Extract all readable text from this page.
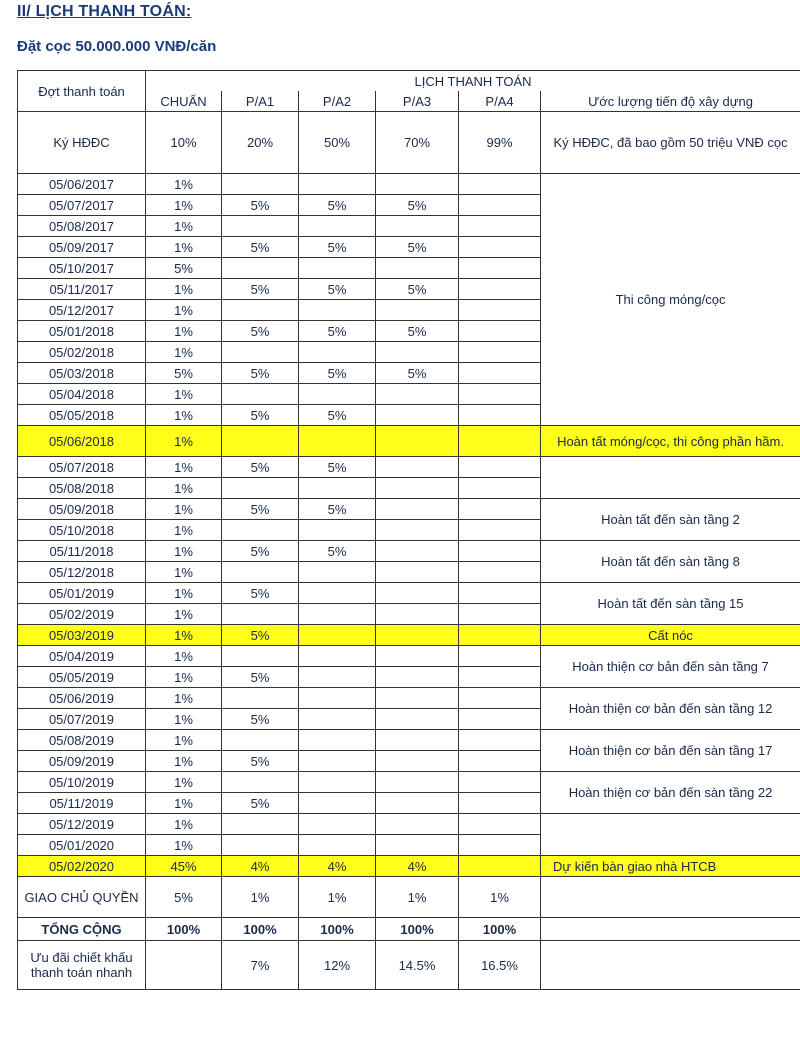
II/ LỊCH THANH TOÁN:
Đặt cọc 50.000.000 VNĐ/căn
Đợt thanh toán	LỊCH THANH TOÁN					
	CHUẨN	P/A1	P/A2	P/A3	P/A4	Ước lượng tiến độ xây dựng
Ký HĐĐC	10%	20%	50%	70%	99%	Ký HĐĐC, đã bao gồm 50 triệu VNĐ cọc
05/06/2017	1%					Thi công móng/cọc
05/07/2017	1%	5%	5%	5%		
05/08/2017	1%					
05/09/2017	1%	5%	5%	5%		
05/10/2017	5%					
05/11/2017	1%	5%	5%	5%		
05/12/2017	1%					
05/01/2018	1%	5%	5%	5%		
05/02/2018	1%					
05/03/2018	5%	5%	5%	5%		
05/04/2018	1%					
05/05/2018	1%	5%	5%			
05/06/2018	1%					Hoàn tất móng/cọc, thi công phần hầm.
05/07/2018	1%	5%	5%			
05/08/2018	1%					
05/09/2018	1%	5%	5%			Hoàn tất đến sàn tầng 2
05/10/2018	1%					
05/11/2018	1%	5%	5%			Hoàn tất đến sàn tầng 8
05/12/2018	1%					
05/01/2019	1%	5%				Hoàn tất đến sàn tầng 15
05/02/2019	1%					
05/03/2019	1%	5%				Cất nóc
05/04/2019	1%					Hoàn thiện cơ bản đến sàn tầng 7
05/05/2019	1%	5%				
05/06/2019	1%					Hoàn thiện cơ bản đến sàn tầng 12
05/07/2019	1%	5%				
05/08/2019	1%					Hoàn thiện cơ bản đến sàn tầng 17
05/09/2019	1%	5%				
05/10/2019	1%					Hoàn thiện cơ bản đến sàn tầng 22
05/11/2019	1%	5%				
05/12/2019	1%					
05/01/2020	1%					
05/02/2020	45%	4%	4%	4%		Dự kiến bàn giao nhà HTCB
GIAO CHỦ QUYỀN	5%	1%	1%	1%	1%	
TỔNG CỘNG	100%	100%	100%	100%	100%	
Ưu đãi chiết khấu thanh toán nhanh		7%	12%	14.5%	16.5%	
